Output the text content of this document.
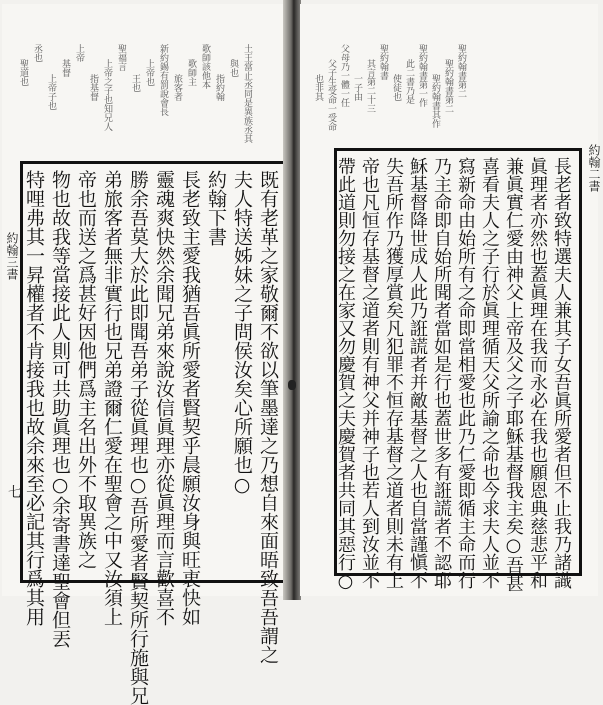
土王當止丞同是異族丞其
與也
指約翰
歌師該他本
歌師主
旅客者
新約錫有罰說會長
上帝也
王也
聖福言
上帝之子也知兄人
指基督
上帝
基督
上帝子也
丞也
聖道也
約翰三書	既有老革之家敬爾不欲以筆墨達之乃想自來面晤致吾吾謂之
夫人特送姊妹之子問侯汝矣心所願也○
約翰下書
長老致主愛我猶吾眞所愛者賢契乎晨願汝身與旺衷快如
靈魂爽快然余聞兄弟來說汝信眞理亦從眞理而言歡喜不
勝余吾莫大於此即聞吾弟子從眞理也○吾所愛者賢契所行施與兄
弟旅客者無非實行也兄弟證爾仁愛在聖會之中又汝須上
帝也而送之爲甚好因他們爲主名出外不取異族之
物也故我等當接此人則可共助眞理也○余寄書達聖會但丟
特哩弗其一昇權者不肯接我也故余來至必記其行爲其用
七
聖約翰書第二
聖約翰書第二
聖約翰書其作
聖約翰書第一作
此二書乃是
使徒也
聖約翰書
其言第二十三
一子由
父母乃一體一任
父子生受命一受命
也非其
約翰二書
長老者致特選夫人兼其子女吾眞所愛者但不止我乃諸識
眞理者亦然也蓋眞理在我而永必在我也願恩典慈悲平和
兼眞實仁愛由神父上帝及父之子耶穌基督我主矣○吾甚
喜看夫人之子行於眞理循天父所諭之命也今求夫人並不
寫新命由始所有之命即當相愛也此乃仁愛即循主命而行
乃主命即自始所聞者當如是行也蓋世多有誑謊者不認耶
穌基督降世成人此乃誑謊者并敵基督之人也自當謹愼不
失吾所作乃獲厚賞矣凡犯罪不恒存基督之道者則未有上
帝也凡恒存基督之道者則有神父并神子也若人到汝並不
帶此道則勿接之在家又勿慶賀之夫慶賀者共同其惡行○
